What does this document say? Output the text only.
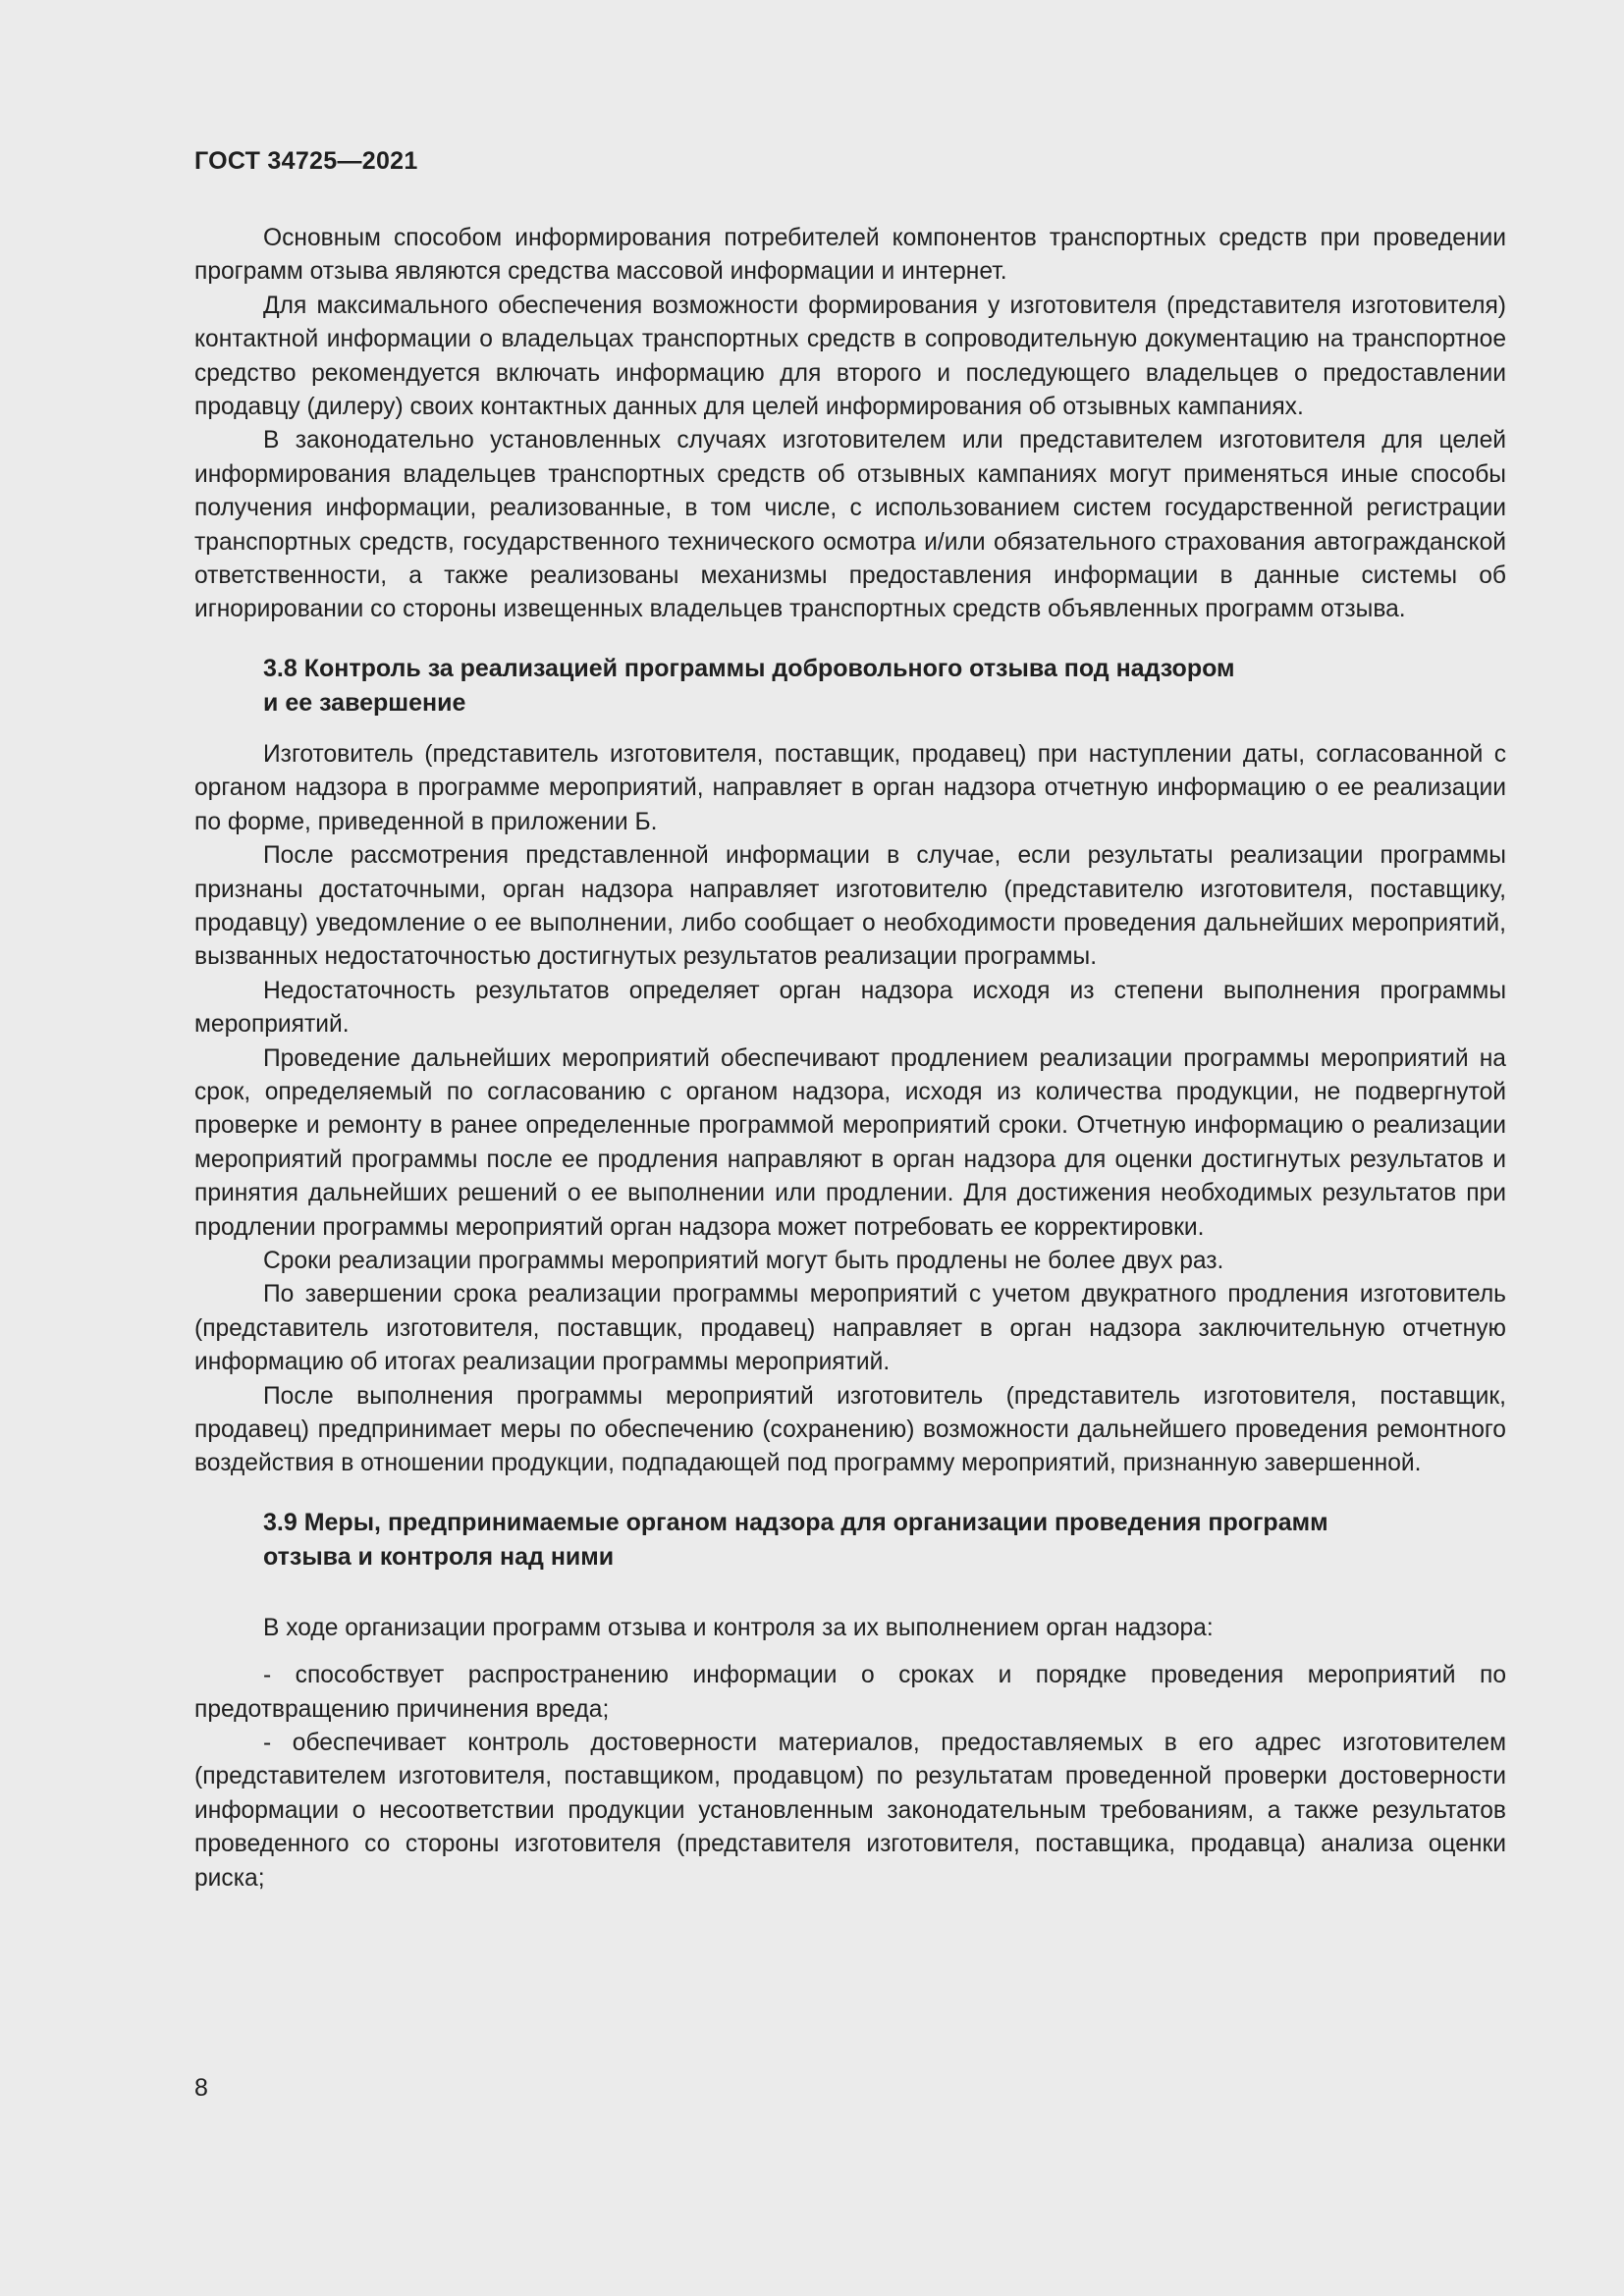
ГОСТ 34725—2021

Основным способом информирования потребителей компонентов транспортных средств при проведении программ отзыва являются средства массовой информации и интернет.

Для максимального обеспечения возможности формирования у изготовителя (представителя изготовителя) контактной информации о владельцах транспортных средств в сопроводительную документацию на транспортное средство рекомендуется включать информацию для второго и последующего владельцев о предоставлении продавцу (дилеру) своих контактных данных для целей информирования об отзывных кампаниях.

В законодательно установленных случаях изготовителем или представителем изготовителя для целей информирования владельцев транспортных средств об отзывных кампаниях могут применяться иные способы получения информации, реализованные, в том числе, с использованием систем государственной регистрации транспортных средств, государственного технического осмотра и/или обязательного страхования автогражданской ответственности, а также реализованы механизмы предоставления информации в данные системы об игнорировании со стороны извещенных владельцев транспортных средств объявленных программ отзыва.

3.8 Контроль за реализацией программы добровольного отзыва под надзором
и ее завершение

Изготовитель (представитель изготовителя, поставщик, продавец) при наступлении даты, согласованной с органом надзора в программе мероприятий, направляет в орган надзора отчетную информацию о ее реализации по форме, приведенной в приложении Б.

После рассмотрения представленной информации в случае, если результаты реализации программы признаны достаточными, орган надзора направляет изготовителю (представителю изготовителя, поставщику, продавцу) уведомление о ее выполнении, либо сообщает о необходимости проведения дальнейших мероприятий, вызванных недостаточностью достигнутых результатов реализации программы.

Недостаточность результатов определяет орган надзора исходя из степени выполнения программы мероприятий.

Проведение дальнейших мероприятий обеспечивают продлением реализации программы мероприятий на срок, определяемый по согласованию с органом надзора, исходя из количества продукции, не подвергнутой проверке и ремонту в ранее определенные программой мероприятий сроки. Отчетную информацию о реализации мероприятий программы после ее продления направляют в орган надзора для оценки достигнутых результатов и принятия дальнейших решений о ее выполнении или продлении. Для достижения необходимых результатов при продлении программы мероприятий орган надзора может потребовать ее корректировки.

Сроки реализации программы мероприятий могут быть продлены не более двух раз.

По завершении срока реализации программы мероприятий с учетом двукратного продления изготовитель (представитель изготовителя, поставщик, продавец) направляет в орган надзора заключительную отчетную информацию об итогах реализации программы мероприятий.

После выполнения программы мероприятий изготовитель (представитель изготовителя, поставщик, продавец) предпринимает меры по обеспечению (сохранению) возможности дальнейшего проведения ремонтного воздействия в отношении продукции, подпадающей под программу мероприятий, признанную завершенной.

3.9 Меры, предпринимаемые органом надзора для организации проведения программ
отзыва и контроля над ними

В ходе организации программ отзыва и контроля за их выполнением орган надзора:

- способствует распространению информации о сроках и порядке проведения мероприятий по предотвращению причинения вреда;

- обеспечивает контроль достоверности материалов, предоставляемых в его адрес изготовителем (представителем изготовителя, поставщиком, продавцом) по результатам проведенной проверки достоверности информации о несоответствии продукции установленным законодательным требованиям, а также результатов проведенного со стороны изготовителя (представителя изготовителя, поставщика, продавца) анализа оценки риска;

8
